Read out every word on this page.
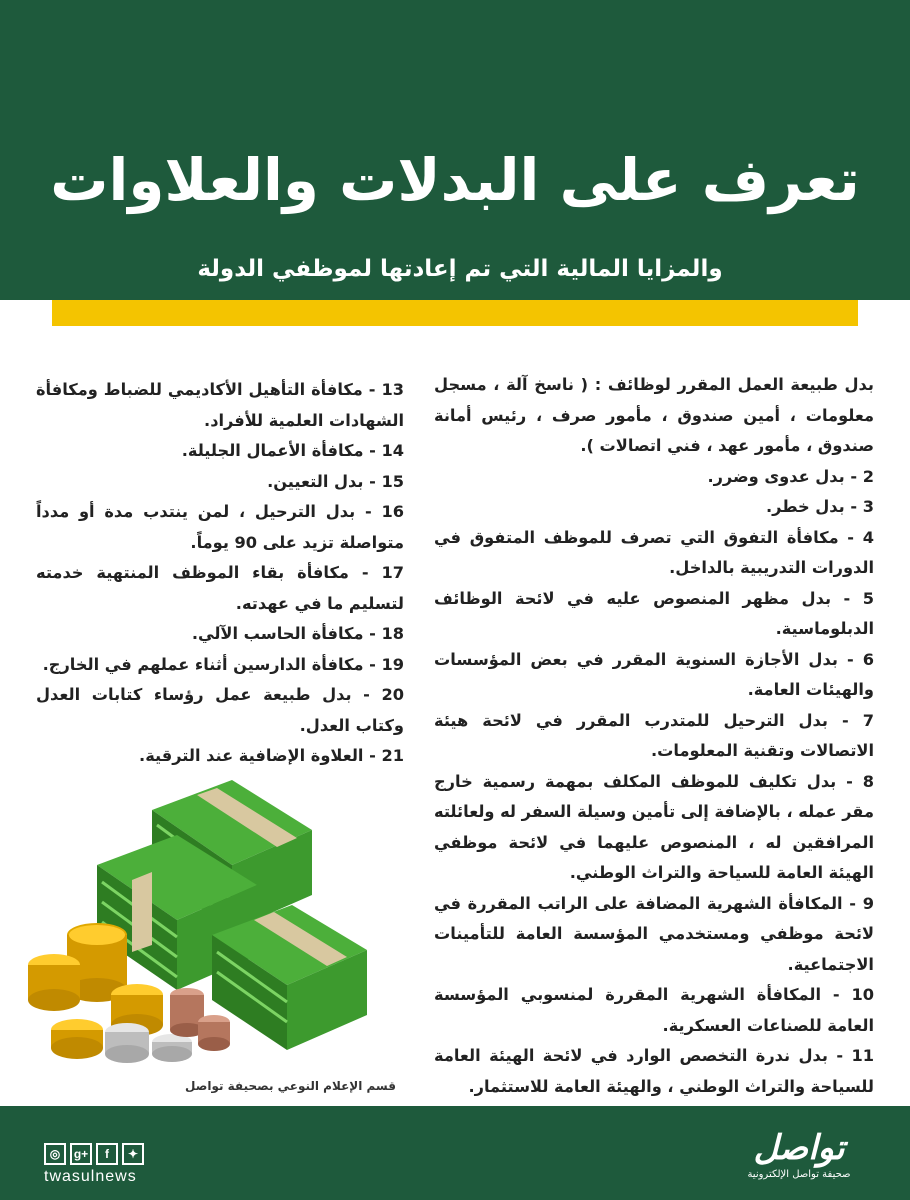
تعرف على البدلات والعلاوات
والمزايا المالية التي تم إعادتها لموظفي الدولة

بدل طبيعة العمل المقرر لوظائف : ( ناسخ آلة ، مسجل معلومات ، أمين صندوق ، مأمور صرف ، رئيس أمانة صندوق ، مأمور عهد ، فني اتصالات ).

2 - بدل عدوى وضرر.

3 - بدل خطر.

4 - مكافأة التفوق التي تصرف للموظف المتفوق في الدورات التدريبية بالداخل.

5 - بدل مظهر المنصوص عليه في لائحة الوظائف الدبلوماسية.

6 - بدل الأجازة السنوية المقرر في بعض المؤسسات والهيئات العامة.

7 - بدل الترحيل للمتدرب المقرر في لائحة هيئة الاتصالات وتقنية المعلومات.

8 - بدل تكليف للموظف المكلف بمهمة رسمية خارج مقر عمله ، بالإضافة إلى تأمين وسيلة السفر له ولعائلته المرافقين له ، المنصوص عليهما في لائحة موظفي الهيئة العامة للسياحة والتراث الوطني.

9 - المكافأة الشهرية المضافة على الراتب المقررة في لائحة موظفي ومستخدمي المؤسسة العامة للتأمينات الاجتماعية.

10 - المكافأة الشهرية المقررة لمنسوبي المؤسسة العامة للصناعات العسكرية.

11 - بدل ندرة التخصص الوارد في لائحة الهيئة العامة للسياحة والتراث الوطني ، والهيئة العامة للاستثمار.

13 - مكافأة التأهيل الأكاديمي للضباط ومكافأة الشهادات العلمية للأفراد.

14 - مكافأة الأعمال الجليلة.

15 - بدل التعيين.

16 - بدل الترحيل ، لمن ينتدب مدة أو مدداً متواصلة تزيد على 90 يوماً.

17 - مكافأة بقاء الموظف المنتهية خدمته لتسليم ما في عهدته.

18 - مكافأة الحاسب الآلي.

19 - مكافأة الدارسين أثناء عملهم في الخارج.

20 - بدل طبيعة عمل رؤساء كتابات العدل وكتاب العدل.

21 - العلاوة الإضافية عند الترقية.

قسم الإعلام النوعي بصحيفة تواصل
◎	g+	f	✦
twasulnews
تواصل
صحيفة تواصل الإلكترونية
